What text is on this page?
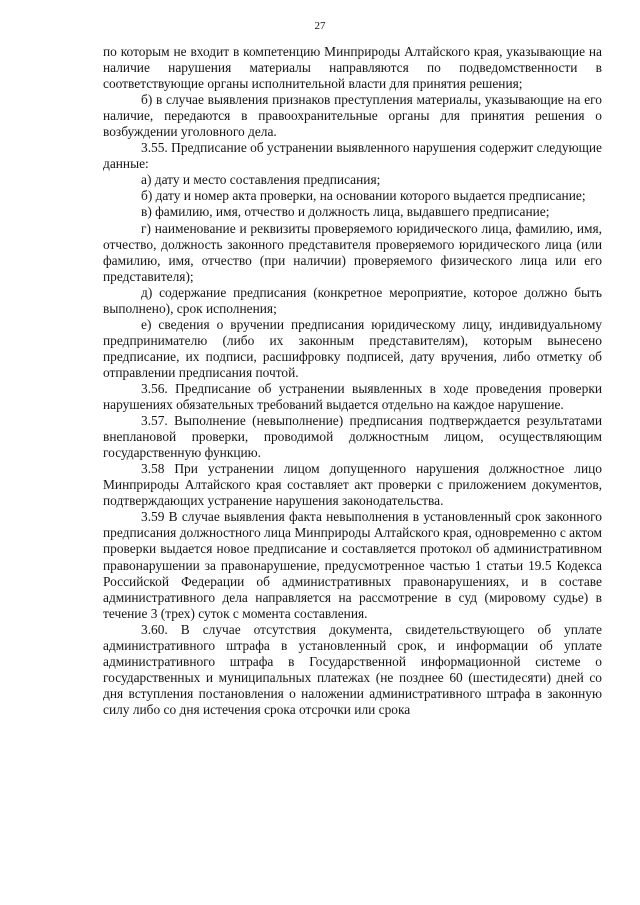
27

по которым не входит в компетенцию Минприроды Алтайского края, указывающие на наличие нарушения материалы направляются по подведомственности в соответствующие органы исполнительной власти для принятия решения;

б) в случае выявления признаков преступления материалы, указывающие на его наличие, передаются в правоохранительные органы для принятия решения о возбуждении уголовного дела.

3.55. Предписание об устранении выявленного нарушения содержит следующие данные:

а) дату и место составления предписания;

б) дату и номер акта проверки, на основании которого выдается предписание;

в) фамилию, имя, отчество и должность лица, выдавшего предписание;

г) наименование и реквизиты проверяемого юридического лица, фамилию, имя, отчество, должность законного представителя проверяемого юридического лица (или фамилию, имя, отчество (при наличии) проверяемого физического лица или его представителя);

д) содержание предписания (конкретное мероприятие, которое должно быть выполнено), срок исполнения;

е) сведения о вручении предписания юридическому лицу, индивидуальному предпринимателю (либо их законным представителям), которым вынесено предписание, их подписи, расшифровку подписей, дату вручения, либо отметку об отправлении предписания почтой.

3.56. Предписание об устранении выявленных в ходе проведения проверки нарушениях обязательных требований выдается отдельно на каждое нарушение.

3.57. Выполнение (невыполнение) предписания подтверждается результатами внеплановой проверки, проводимой должностным лицом, осуществляющим государственную функцию.

3.58 При устранении лицом допущенного нарушения должностное лицо Минприроды Алтайского края составляет акт проверки с приложением документов, подтверждающих устранение нарушения законодательства.

3.59 В случае выявления факта невыполнения в установленный срок законного предписания должностного лица Минприроды Алтайского края, одновременно с актом проверки выдается новое предписание и составляется протокол об административном правонарушении за правонарушение, предусмотренное частью 1 статьи 19.5 Кодекса Российской Федерации об административных правонарушениях, и в составе административного дела направляется на рассмотрение в суд (мировому судье) в течение 3 (трех) суток с момента составления.

3.60. В случае отсутствия документа, свидетельствующего об уплате административного штрафа в установленный срок, и информации об уплате административного штрафа в Государственной информационной системе о государственных и муниципальных платежах (не позднее 60 (шестидесяти) дней со дня вступления постановления о наложении административного штрафа в законную силу либо со дня истечения срока отсрочки или срока
